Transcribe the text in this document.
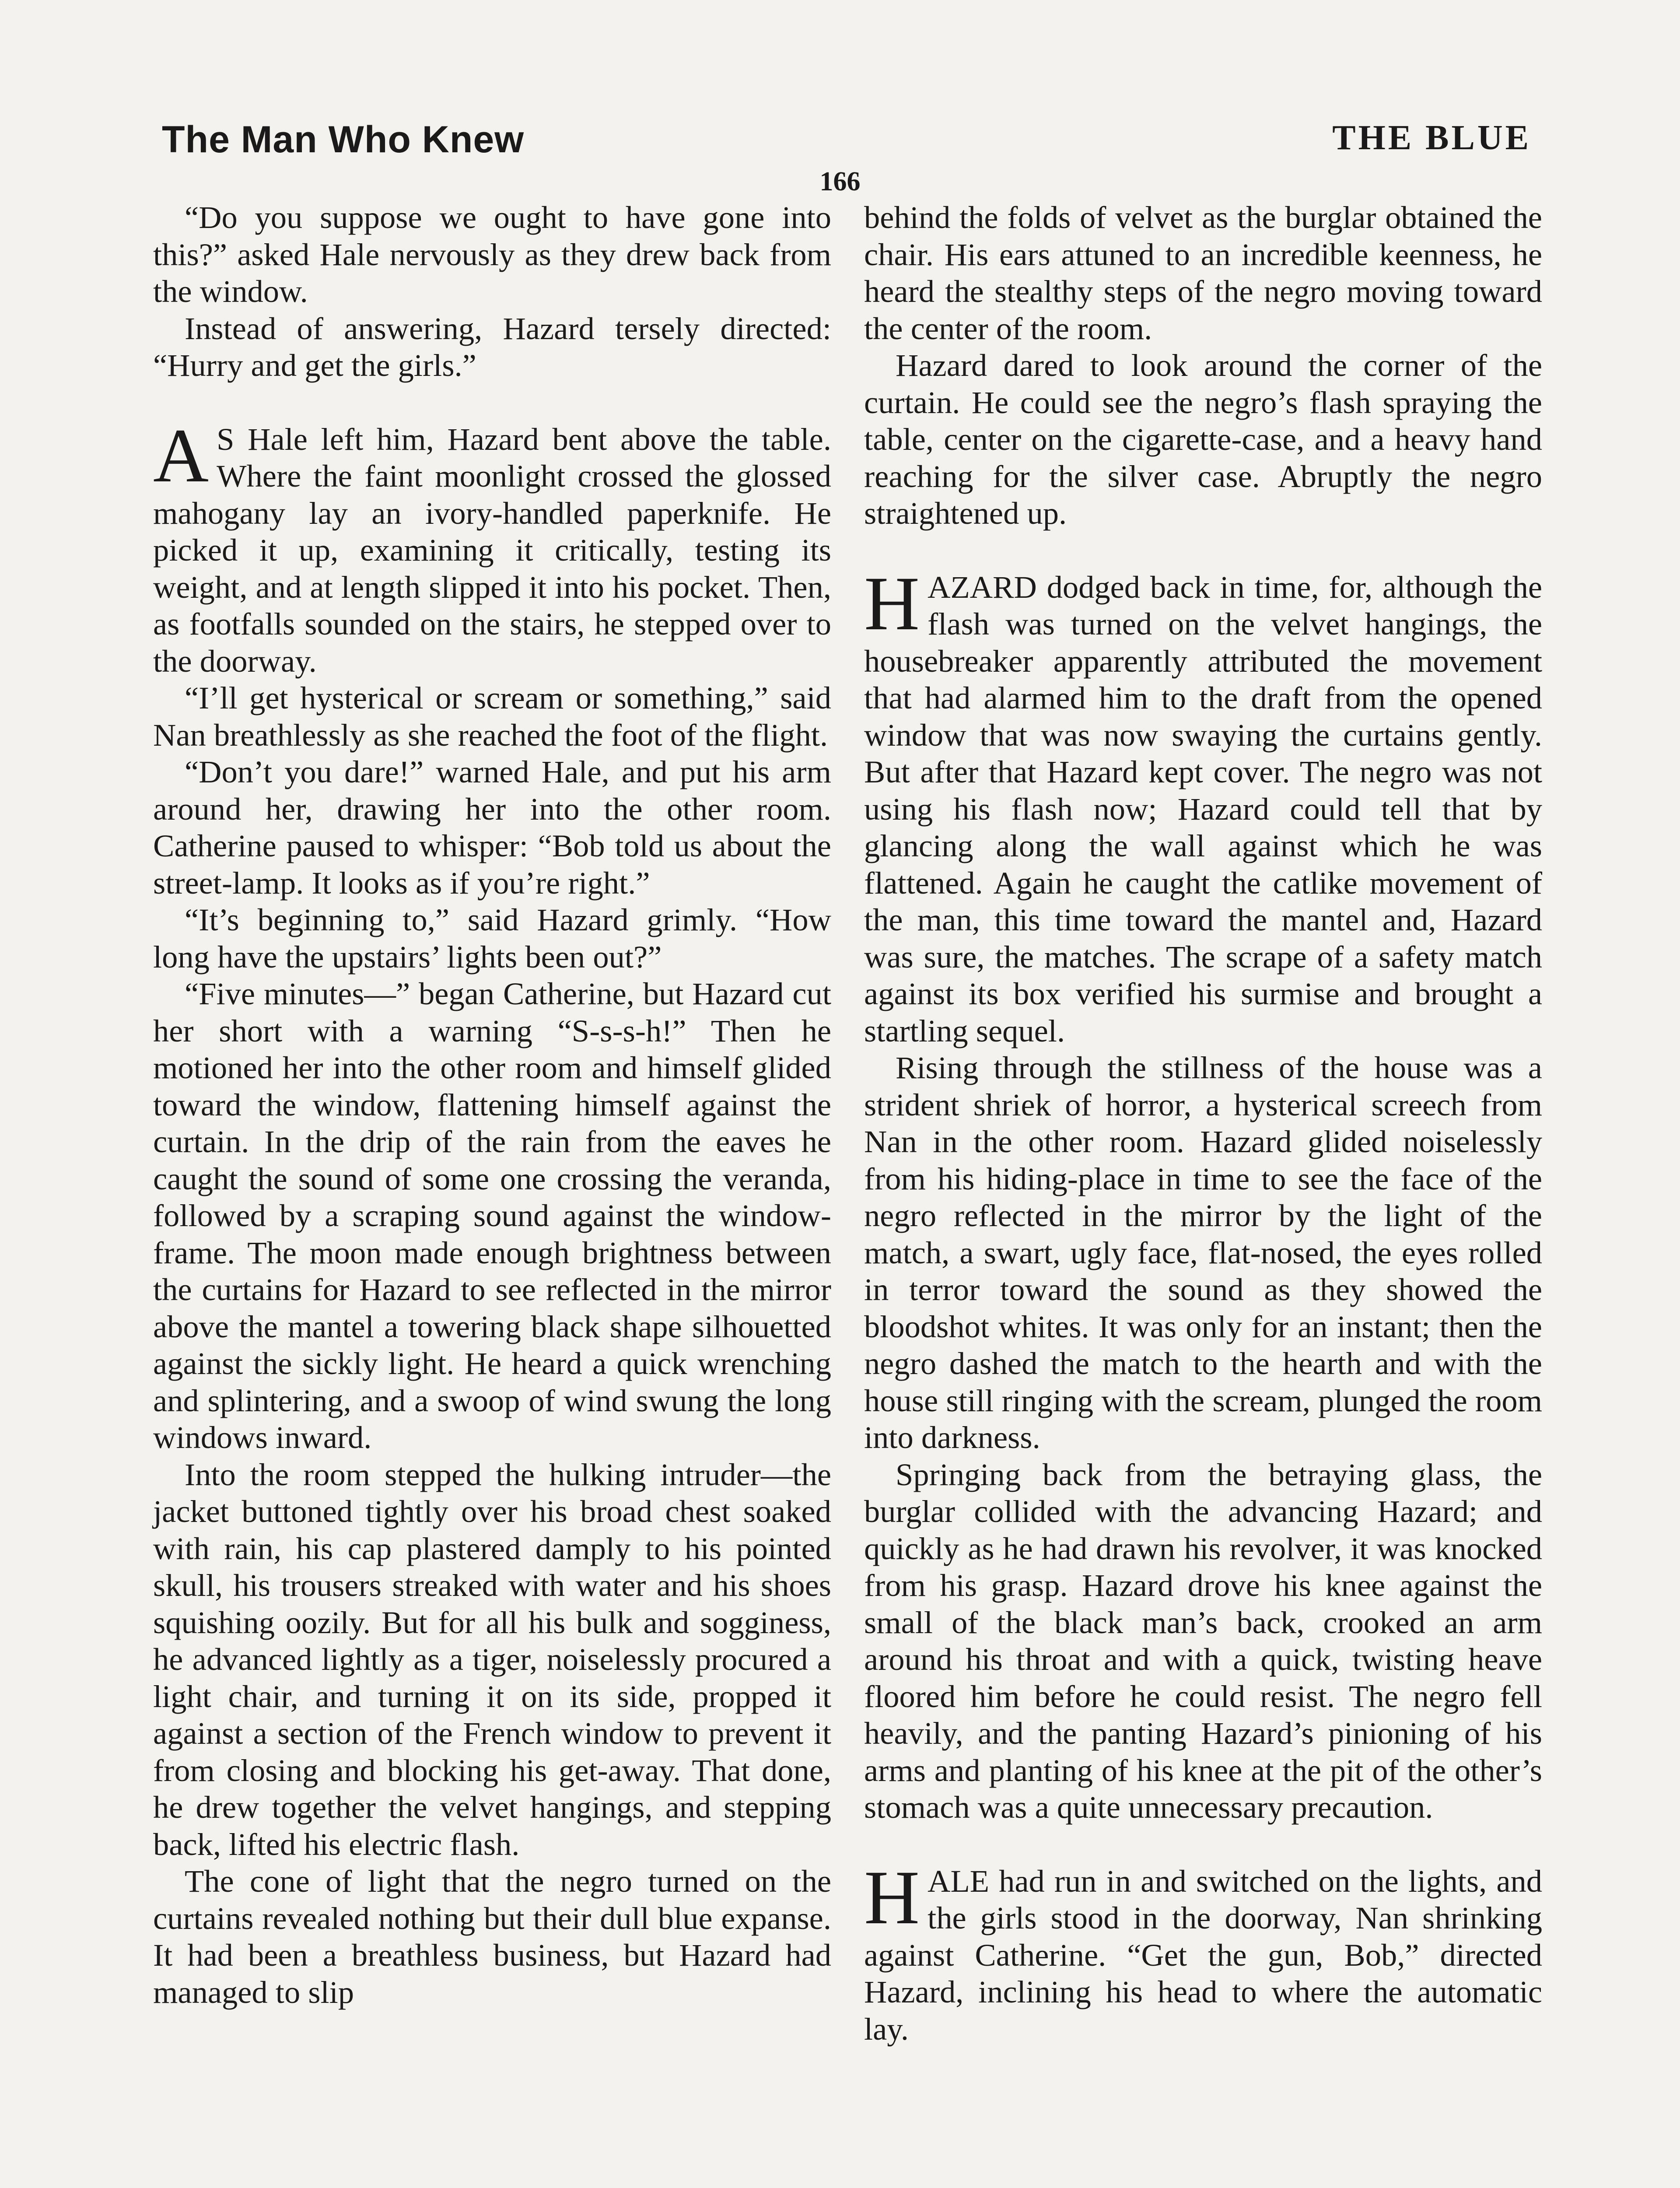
The Man Who Knew	THE BLUE
166

“Do you suppose we ought to have gone into this?” asked Hale nervously as they drew back from the window.

Instead of answering, Hazard tersely directed: “Hurry and get the girls.”

A S Hale left him, Hazard bent above the table. Where the faint moonlight crossed the glossed mahogany lay an ivory-handled paperknife. He picked it up, examining it critically, testing its weight, and at length slipped it into his pocket. Then, as footfalls sounded on the stairs, he stepped over to the doorway.

“I’ll get hysterical or scream or something,” said Nan breathlessly as she reached the foot of the flight.

“Don’t you dare!” warned Hale, and put his arm around her, drawing her into the other room. Catherine paused to whisper: “Bob told us about the street-lamp. It looks as if you’re right.”

“It’s beginning to,” said Hazard grimly. “How long have the upstairs’ lights been out?”

“Five minutes—” began Catherine, but Hazard cut her short with a warning “S-s-s-h!” Then he motioned her into the other room and himself glided toward the window, flattening himself against the curtain. In the drip of the rain from the eaves he caught the sound of some one crossing the veranda, followed by a scraping sound against the window-frame. The moon made enough brightness between the curtains for Hazard to see reflected in the mirror above the mantel a towering black shape silhouetted against the sickly light. He heard a quick wrenching and splintering, and a swoop of wind swung the long windows inward.

Into the room stepped the hulking intruder—the jacket buttoned tightly over his broad chest soaked with rain, his cap plastered damply to his pointed skull, his trousers streaked with water and his shoes squishing oozily. But for all his bulk and sogginess, he advanced lightly as a tiger, noiselessly procured a light chair, and turning it on its side, propped it against a section of the French window to prevent it from closing and blocking his get-away. That done, he drew together the velvet hangings, and stepping back, lifted his electric flash.

The cone of light that the negro turned on the curtains revealed nothing but their dull blue expanse. It had been a breathless business, but Hazard had managed to slip

behind the folds of velvet as the burglar obtained the chair. His ears attuned to an incredible keenness, he heard the stealthy steps of the negro moving toward the center of the room.

Hazard dared to look around the corner of the curtain. He could see the negro’s flash spraying the table, center on the cigarette-case, and a heavy hand reaching for the silver case. Abruptly the negro straightened up.

HAZARD dodged back in time, for, although the flash was turned on the velvet hangings, the housebreaker apparently attributed the movement that had alarmed him to the draft from the opened window that was now swaying the curtains gently. But after that Hazard kept cover. The negro was not using his flash now; Hazard could tell that by glancing along the wall against which he was flattened. Again he caught the catlike movement of the man, this time toward the mantel and, Hazard was sure, the matches. The scrape of a safety match against its box verified his surmise and brought a startling sequel.

Rising through the stillness of the house was a strident shriek of horror, a hysterical screech from Nan in the other room. Hazard glided noiselessly from his hiding-place in time to see the face of the negro reflected in the mirror by the light of the match, a swart, ugly face, flat-nosed, the eyes rolled in terror toward the sound as they showed the bloodshot whites. It was only for an instant; then the negro dashed the match to the hearth and with the house still ringing with the scream, plunged the room into darkness.

Springing back from the betraying glass, the burglar collided with the advancing Hazard; and quickly as he had drawn his revolver, it was knocked from his grasp. Hazard drove his knee against the small of the black man’s back, crooked an arm around his throat and with a quick, twisting heave floored him before he could resist. The negro fell heavily, and the panting Hazard’s pinioning of his arms and planting of his knee at the pit of the other’s stomach was a quite unnecessary precaution.

HALE had run in and switched on the lights, and the girls stood in the doorway, Nan shrinking against Catherine. “Get the gun, Bob,” directed Hazard, inclining his head to where the automatic lay.
